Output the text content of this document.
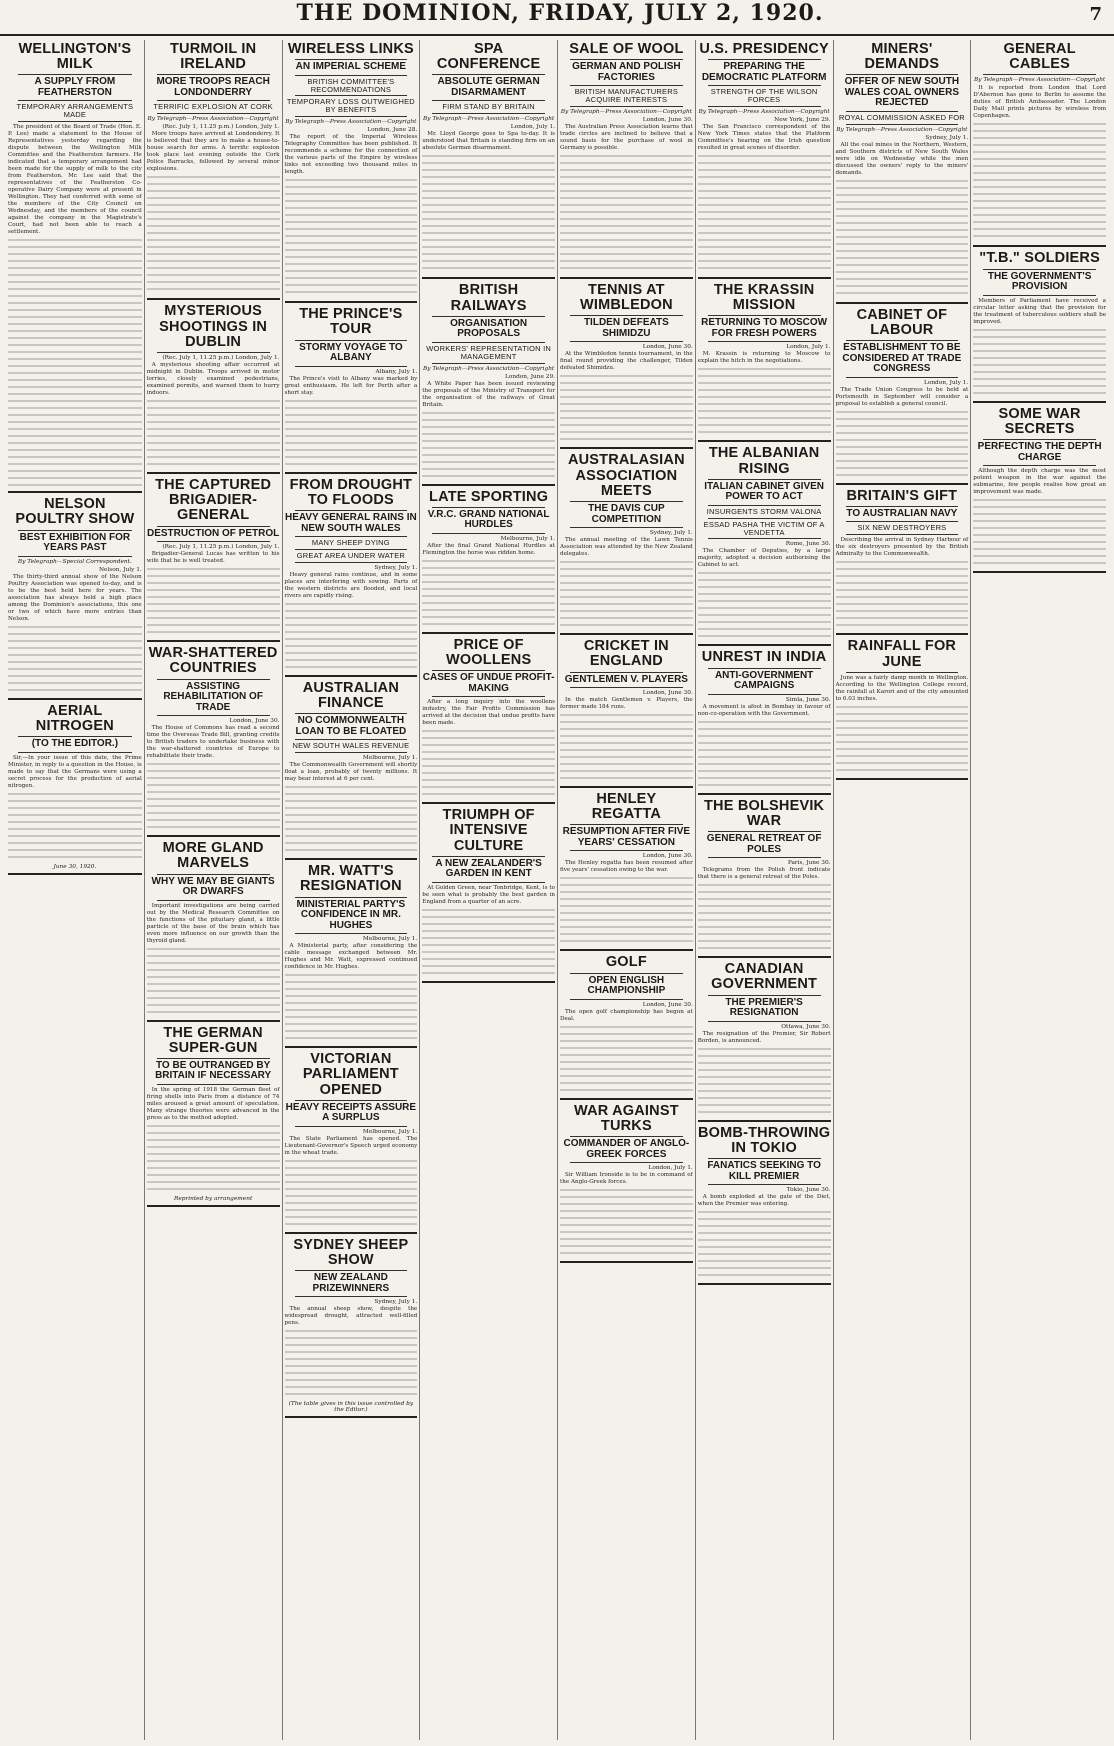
THE DOMINION, FRIDAY, JULY 2, 1920.	7
WELLINGTON'S MILK
A SUPPLY FROM FEATHERSTON
TEMPORARY ARRANGEMENTS MADE

The president of the Board of Trade (Hon. E. P. Lee) made a statement to the House of Representatives yesterday regarding the dispute between the Wellington Milk Committee and the Featherston farmers. He indicated that a temporary arrangement had been made for the supply of milk to the city from Featherston. Mr. Lee said that the representatives of the Featherston Co-operative Dairy Company were at present in Wellington. They had conferred with some of the members of the City Council on Wednesday, and the members of the council against the company in the Magistrate's Court, had not been able to reach a settlement.

NELSON POULTRY SHOW
BEST EXHIBITION FOR YEARS PAST
By Telegraph—Special Correspondent.
Nelson, July 1.

The thirty-third annual show of the Nelson Poultry Association was opened to-day, and is to be the best held here for years. The association has always held a high place among the Dominion's associations, this one or two of which have more entries than Nelson.

AERIAL NITROGEN
(TO THE EDITOR.)

Sir,—In your issue of this date, the Prime Minister, in reply to a question in the House, is made to say that the Germans were using a secret process for the production of aerial nitrogen.

June 30, 1920.
TURMOIL IN IRELAND
MORE TROOPS REACH LONDONDERRY
TERRIFIC EXPLOSION AT CORK
By Telegraph—Press Association—Copyright
(Rec. July 1, 11.25 p.m.) London, July 1.

More troops have arrived at Londonderry. It is believed that they are to make a house-to-house search for arms. A terrific explosion took place last evening outside the Cork Police Barracks, followed by several minor explosions.

MYSTERIOUS SHOOTINGS IN DUBLIN
(Rec. July 1, 11.25 p.m.) London, July 1.

A mysterious shooting affair occurred at midnight in Dublin. Troops arrived in motor lorries, closely examined pedestrians, examined permits, and warned them to hurry indoors.

THE CAPTURED BRIGADIER-GENERAL
DESTRUCTION OF PETROL
(Rec. July 1, 11.25 p.m.) London, July 1.

Brigadier-General Lucas has written to his wife that he is well treated.

WAR-SHATTERED COUNTRIES
ASSISTING REHABILITATION OF TRADE
London, June 30.

The House of Commons has read a second time the Overseas Trade Bill, granting credits to British traders to undertake business with the war-shattered countries of Europe to rehabilitate their trade.

MORE GLAND MARVELS
WHY WE MAY BE GIANTS OR DWARFS

Important investigations are being carried out by the Medical Research Committee on the functions of the pituitary gland, a little particle of the base of the brain which has even more influence on our growth than the thyroid gland.

THE GERMAN SUPER-GUN
TO BE OUTRANGED BY BRITAIN IF NECESSARY

In the spring of 1918 the German fleet of firing shells into Paris from a distance of 74 miles aroused a great amount of speculation. Many strange theories were advanced in the press as to the method adopted.

Reprinted by arrangement
WIRELESS LINKS
AN IMPERIAL SCHEME
BRITISH COMMITTEE'S RECOMMENDATIONS
TEMPORARY LOSS OUTWEIGHED BY BENEFITS
By Telegraph—Press Association—Copyright
London, June 28.

The report of the Imperial Wireless Telegraphy Committee has been published. It recommends a scheme for the connection of the various parts of the Empire by wireless links not exceeding two thousand miles in length.

THE PRINCE'S TOUR
STORMY VOYAGE TO ALBANY
Albany, July 1.

The Prince's visit to Albany was marked by great enthusiasm. He left for Perth after a short stay.

FROM DROUGHT TO FLOODS
HEAVY GENERAL RAINS IN NEW SOUTH WALES
MANY SHEEP DYING
GREAT AREA UNDER WATER
Sydney, July 1.

Heavy general rains continue, and in some places are interfering with sowing. Parts of the western districts are flooded, and local rivers are rapidly rising.

AUSTRALIAN FINANCE
NO COMMONWEALTH LOAN TO BE FLOATED
NEW SOUTH WALES REVENUE
Melbourne, July 1.

The Commonwealth Government will shortly float a loan, probably of twenty millions. It may bear interest at 6 per cent.

MR. WATT'S RESIGNATION
MINISTERIAL PARTY'S CONFIDENCE IN MR. HUGHES
Melbourne, July 1.

A Ministerial party, after considering the cable message exchanged between Mr. Hughes and Mr. Watt, expressed continued confidence in Mr. Hughes.

VICTORIAN PARLIAMENT OPENED
HEAVY RECEIPTS ASSURE A SURPLUS
Melbourne, July 1.

The State Parliament has opened. The Lieutenant-Governor's Speech urged economy in the wheat trade.

SYDNEY SHEEP SHOW
NEW ZEALAND PRIZEWINNERS
Sydney, July 1.

The annual sheep show, despite the widespread drought, attracted well-filled pens.

(The table gives in this issue controlled by the Editor.)
SPA CONFERENCE
ABSOLUTE GERMAN DISARMAMENT
FIRM STAND BY BRITAIN
By Telegraph—Press Association—Copyright
London, July 1.

Mr. Lloyd George goes to Spa to-day. It is understood that Britain is standing firm on an absolute German disarmament.

BRITISH RAILWAYS
ORGANISATION PROPOSALS
WORKERS' REPRESENTATION IN MANAGEMENT
By Telegraph—Press Association—Copyright
London, June 29.

A White Paper has been issued reviewing the proposals of the Ministry of Transport for the organisation of the railways of Great Britain.

LATE SPORTING
V.R.C. GRAND NATIONAL HURDLES
Melbourne, July 1.

After the final Grand National Hurdles at Flemington the horse was ridden home.

PRICE OF WOOLLENS
CASES OF UNDUE PROFIT-MAKING

After a long inquiry into the woollens industry, the Fair Profits Commission has arrived at the decision that undue profits have been made.

TRIUMPH OF INTENSIVE CULTURE
A NEW ZEALANDER'S GARDEN IN KENT

At Golden Green, near Tonbridge, Kent, is to be seen what is probably the best garden in England from a quarter of an acre.

SALE OF WOOL
GERMAN AND POLISH FACTORIES
BRITISH MANUFACTURERS ACQUIRE INTERESTS
By Telegraph—Press Association—Copyright
London, June 30.

The Australian Press Association learns that trade circles are inclined to believe that a sound basis for the purchase of wool in Germany is possible.

TENNIS AT WIMBLEDON
TILDEN DEFEATS SHIMIDZU
London, June 30.

At the Wimbledon tennis tournament, in the final round providing the challenger, Tilden defeated Shimidzu.

AUSTRALASIAN ASSOCIATION MEETS
THE DAVIS CUP COMPETITION
Sydney, July 1.

The annual meeting of the Lawn Tennis Association was attended by the New Zealand delegates.

CRICKET IN ENGLAND
GENTLEMEN V. PLAYERS
London, June 30.

In the match Gentlemen v. Players, the former made 184 runs.

HENLEY REGATTA
RESUMPTION AFTER FIVE YEARS' CESSATION
London, June 30.

The Henley regatta has been resumed after five years' cessation owing to the war.

GOLF
OPEN ENGLISH CHAMPIONSHIP
London, June 30.

The open golf championship has begun at Deal.

WAR AGAINST TURKS
COMMANDER OF ANGLO-GREEK FORCES
London, July 1.

Sir William Ironside is to be in command of the Anglo-Greek forces.

U.S. PRESIDENCY
PREPARING THE DEMOCRATIC PLATFORM
STRENGTH OF THE WILSON FORCES
By Telegraph—Press Association—Copyright
New York, June 29.

The San Francisco correspondent of the New York Times states that the Platform Committee's hearing on the Irish question resulted in great scenes of disorder.

THE KRASSIN MISSION
RETURNING TO MOSCOW FOR FRESH POWERS
London, July 1.

M. Krassin is returning to Moscow to explain the hitch in the negotiations.

THE ALBANIAN RISING
ITALIAN CABINET GIVEN POWER TO ACT
INSURGENTS STORM VALONA
ESSAD PASHA THE VICTIM OF A VENDETTA
Rome, June 30.

The Chamber of Deputies, by a large majority, adopted a decision authorising the Cabinet to act.

UNREST IN INDIA
ANTI-GOVERNMENT CAMPAIGNS
Simla, June 30.

A movement is afoot in Bombay in favour of non-co-operation with the Government.

THE BOLSHEVIK WAR
GENERAL RETREAT OF POLES
Paris, June 30.

Telegrams from the Polish front indicate that there is a general retreat of the Poles.

CANADIAN GOVERNMENT
THE PREMIER'S RESIGNATION
Ottawa, June 30.

The resignation of the Premier, Sir Robert Borden, is announced.

BOMB-THROWING IN TOKIO
FANATICS SEEKING TO KILL PREMIER
Tokio, June 30.

A bomb exploded at the gate of the Diet, when the Premier was entering.

MINERS' DEMANDS
OFFER OF NEW SOUTH WALES COAL OWNERS REJECTED
ROYAL COMMISSION ASKED FOR
By Telegraph—Press Association—Copyright
Sydney, July 1.

All the coal mines in the Northern, Western, and Southern districts of New South Wales were idle on Wednesday while the men discussed the owners' reply to the miners' demands.

CABINET OF LABOUR
ESTABLISHMENT TO BE CONSIDERED AT TRADE CONGRESS
London, July 1.

The Trade Union Congress to be held at Portsmouth in September will consider a proposal to establish a general council.

BRITAIN'S GIFT
TO AUSTRALIAN NAVY
SIX NEW DESTROYERS

Describing the arrival in Sydney Harbour of the six destroyers presented by the British Admiralty to the Commonwealth.

RAINFALL FOR JUNE

June was a fairly damp month in Wellington. According to the Wellington College record, the rainfall at Karori and of the city amounted to 6.03 inches.

GENERAL CABLES
By Telegraph—Press Association—Copyright

It is reported from London that Lord D'Abernon has gone to Berlin to assume the duties of British Ambassador. The London Daily Mail prints pictures by wireless from Copenhagen.

"T.B." SOLDIERS
THE GOVERNMENT'S PROVISION

Members of Parliament have received a circular letter asking that the provision for the treatment of tuberculous soldiers shall be improved.

SOME WAR SECRETS
PERFECTING THE DEPTH CHARGE

Although the depth charge was the most potent weapon in the war against the submarine, few people realise how great an improvement was made.
